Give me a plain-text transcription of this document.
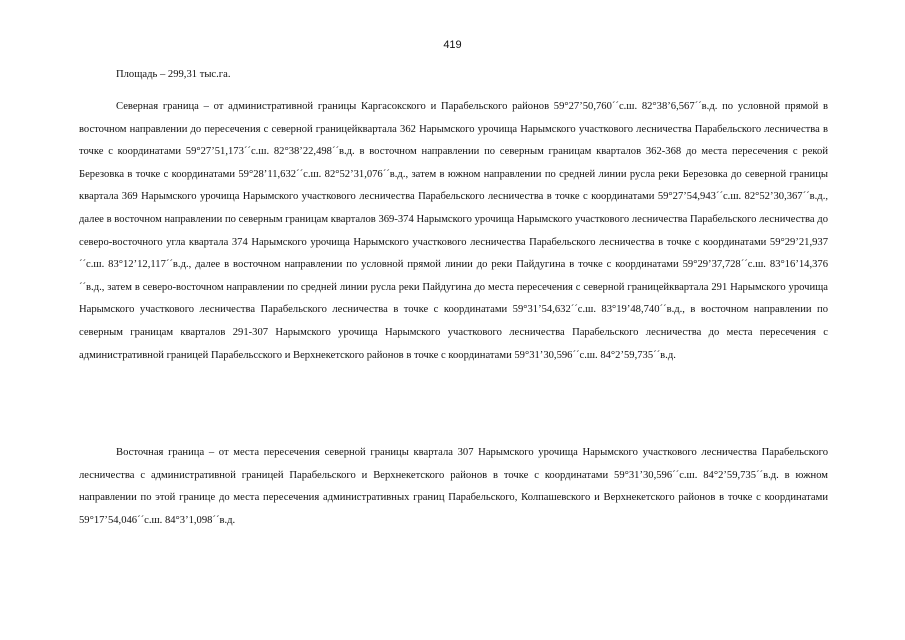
419
Площадь – 299,31 тыс.га.

Северная граница – от административной границы Каргасокского и Парабельского районов 59°27’50,760´´с.ш. 82°38’6,567´´в.д. по условной прямой в восточном направлении до пересечения с северной границейквартала 362 Нарымского урочища Нарымского участкового лесничества Парабельского лесничества в точке с координатами 59°27’51,173´´с.ш. 82°38’22,498´´в.д. в восточном направлении по северным границам кварталов 362-368 до места пересечения с рекой Березовка в точке с координатами 59°28’11,632´´с.ш. 82°52’31,076´´в.д., затем в южном направлении по средней линии русла реки Березовка до северной границы квартала 369 Нарымского урочища Нарымского участкового лесничества Парабельского лесничества в точке с координатами 59°27’54,943´´с.ш. 82°52’30,367´´в.д., далее в восточном направлении по северным границам кварталов 369-374 Нарымского урочища Нарымского участкового лесничества Парабельского лесничества до северо-восточного угла квартала 374 Нарымского урочища Нарымского участкового лесничества Парабельского лесничества в точке с координатами 59°29’21,937´´с.ш. 83°12’12,117´´в.д., далее в восточном направлении по условной прямой линии до реки Пайдугина в точке с координатами 59°29’37,728´´с.ш. 83°16’14,376´´в.д., затем в северо-восточном направлении по средней линии русла реки Пайдугина до места пересечения с северной границейквартала 291 Нарымского урочища Нарымского участкового лесничества Парабельского лесничества в точке с координатами 59°31’54,632´´с.ш. 83°19’48,740´´в.д., в восточном направлении по северным границам кварталов 291-307 Нарымского урочища Нарымского участкового лесничества Парабельского лесничества до места пересечения с административной границей Парабельсского и Верхнекетского районов в точке с координатами 59°31’30,596´´с.ш. 84°2’59,735´´в.д.

Восточная граница – от места пересечения северной границы квартала 307 Нарымского урочища Нарымского участкового лесничества Парабельского лесничества с административной границей Парабельского и Верхнекетского районов в точке с координатами 59°31’30,596´´с.ш. 84°2’59,735´´в.д. в южном направлении по этой границе до места пересечения административных границ Парабельского, Колпашевского и Верхнекетского районов в точке с координатами 59°17’54,046´´с.ш. 84°3’1,098´´в.д.
